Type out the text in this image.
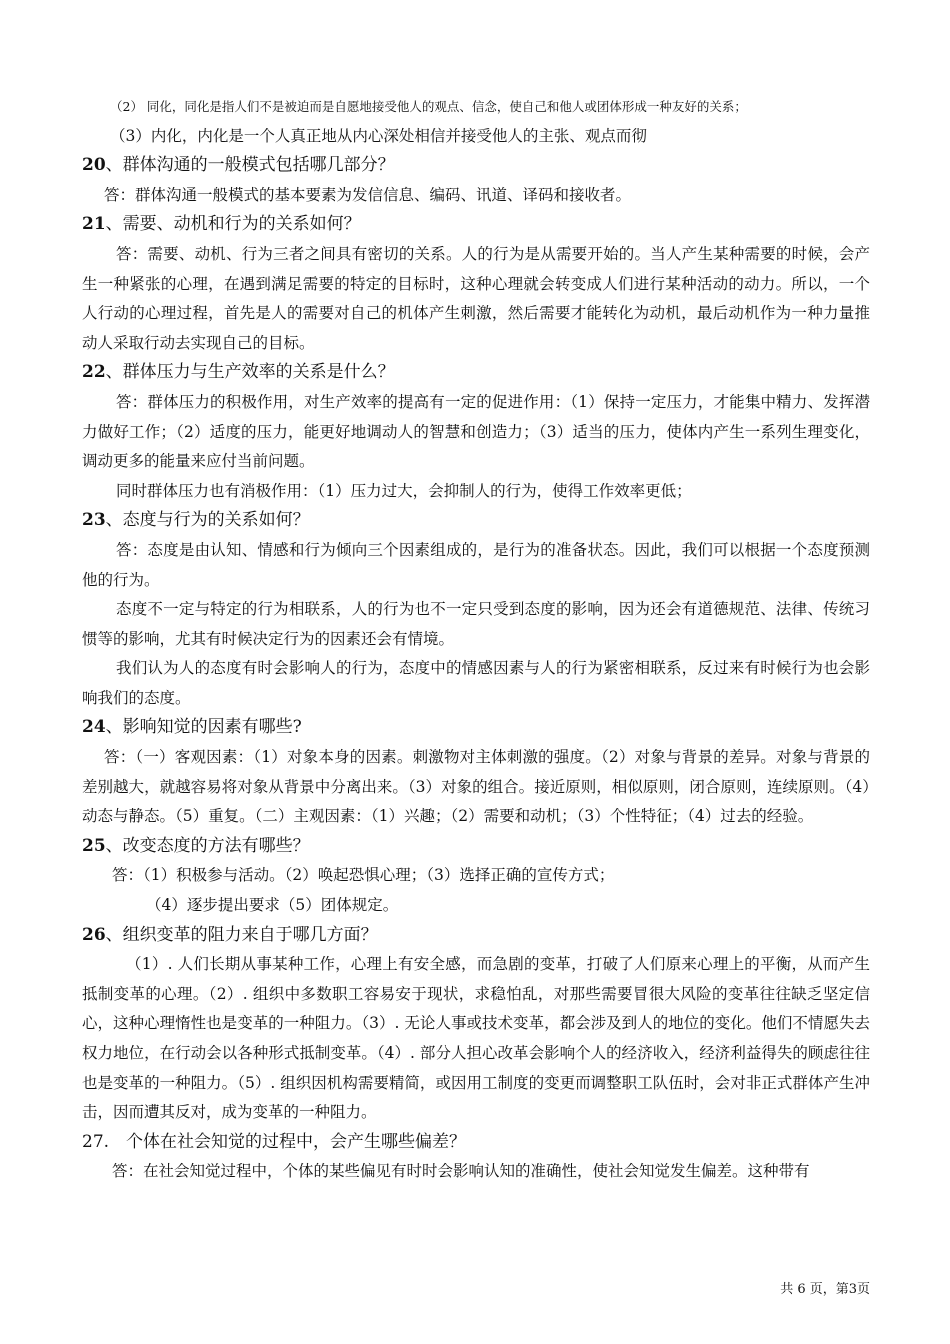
（2） 同化，同化是指人们不是被迫而是自愿地接受他人的观点、信念，使自己和他人或团体形成一种友好的关系；
（3）内化，内化是一个人真正地从内心深处相信并接受他人的主张、观点而彻
20、群体沟通的一般模式包括哪几部分？
答：群体沟通一般模式的基本要素为发信信息、编码、讯道、译码和接收者。
21、需要、动机和行为的关系如何？
答：需要、动机、行为三者之间具有密切的关系。人的行为是从需要开始的。当人产生某种需要的时候，会产生一种紧张的心理，在遇到满足需要的特定的目标时，这种心理就会转变成人们进行某种活动的动力。所以，一个人行动的心理过程，首先是人的需要对自己的机体产生刺激，然后需要才能转化为动机，最后动机作为一种力量推动人采取行动去实现自己的目标。
22、群体压力与生产效率的关系是什么？
答：群体压力的积极作用，对生产效率的提高有一定的促进作用：（1）保持一定压力，才能集中精力、发挥潜力做好工作；（2）适度的压力，能更好地调动人的智慧和创造力；（3）适当的压力，使体内产生一系列生理变化，调动更多的能量来应付当前问题。
同时群体压力也有消极作用：（1）压力过大，会抑制人的行为，使得工作效率更低；
23、态度与行为的关系如何？
答：态度是由认知、情感和行为倾向三个因素组成的，是行为的准备状态。因此，我们可以根据一个态度预测他的行为。
态度不一定与特定的行为相联系，人的行为也不一定只受到态度的影响，因为还会有道德规范、法律、传统习惯等的影响，尤其有时候决定行为的因素还会有情境。
我们认为人的态度有时会影响人的行为，态度中的情感因素与人的行为紧密相联系，反过来有时候行为也会影响我们的态度。
24、影响知觉的因素有哪些?
答：（一）客观因素：（1）对象本身的因素。刺激物对主体刺激的强度。（2）对象与背景的差异。对象与背景的差别越大，就越容易将对象从背景中分离出来。（3）对象的组合。接近原则，相似原则，闭合原则，连续原则。（4）动态与静态。（5）重复。（二）主观因素：（1）兴趣；（2）需要和动机；（3）个性特征；（4）过去的经验。
25、改变态度的方法有哪些？
答：（1）积极参与活动。（2）唤起恐惧心理；（3）选择正确的宣传方式；
（4）逐步提出要求（5）团体规定。
26、组织变革的阻力来自于哪几方面？
（1）. 人们长期从事某种工作，心理上有安全感，而急剧的变革，打破了人们原来心理上的平衡，从而产生抵制变革的心理。（2）. 组织中多数职工容易安于现状，求稳怕乱，对那些需要冒很大风险的变革往往缺乏坚定信心，这种心理惰性也是变革的一种阻力。（3）. 无论人事或技术变革，都会涉及到人的地位的变化。他们不情愿失去权力地位，在行动会以各种形式抵制变革。（4）. 部分人担心改革会影响个人的经济收入，经济利益得失的顾虑往往也是变革的一种阻力。（5）. 组织因机构需要精简，或因用工制度的变更而调整职工队伍时，会对非正式群体产生冲击，因而遭其反对，成为变革的一种阻力。
27.　个体在社会知觉的过程中，会产生哪些偏差？
答：在社会知觉过程中，个体的某些偏见有时时会影响认知的准确性，使社会知觉发生偏差。这种带有
共 6 页，第3页
